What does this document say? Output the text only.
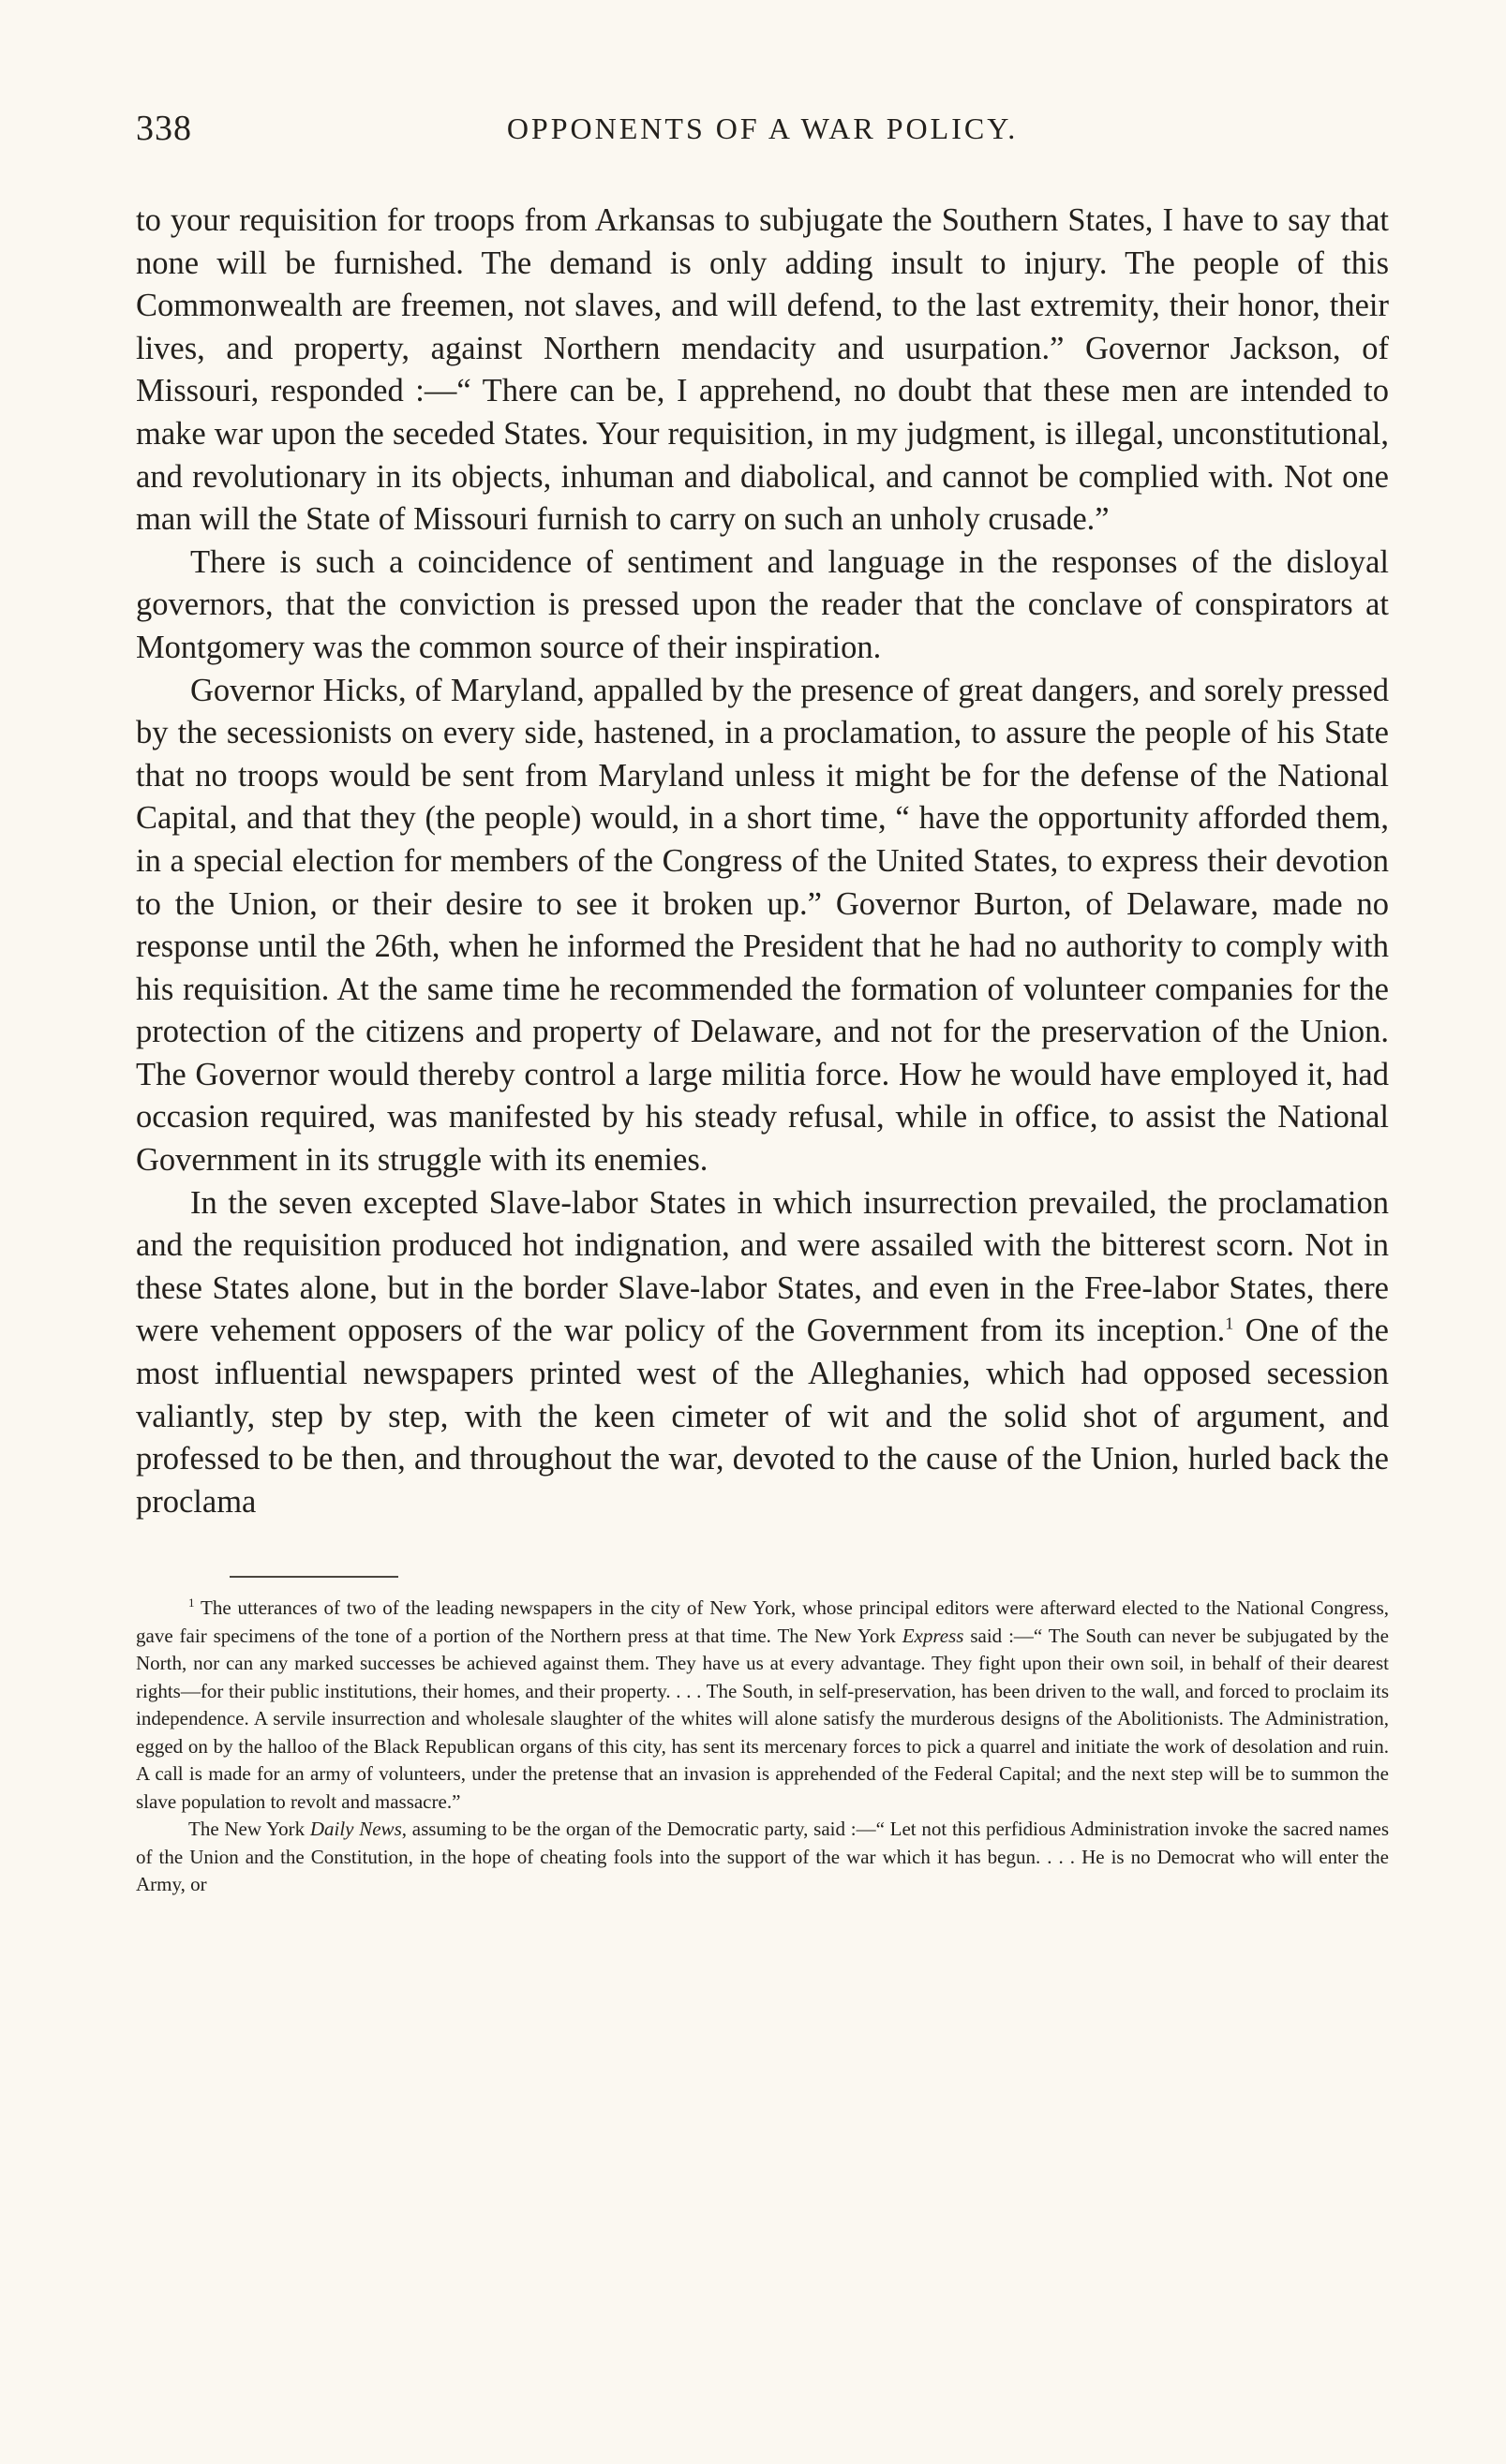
338	OPPONENTS OF A WAR POLICY.

to your requisition for troops from Arkansas to subjugate the Southern States, I have to say that none will be furnished. The demand is only adding insult to injury. The people of this Commonwealth are freemen, not slaves, and will defend, to the last extremity, their honor, their lives, and property, against Northern mendacity and usurpation.” Governor Jackson, of Missouri, responded :—“ There can be, I apprehend, no doubt that these men are intended to make war upon the seceded States. Your requisition, in my judgment, is illegal, unconstitutional, and revolutionary in its objects, inhuman and diabolical, and cannot be complied with. Not one man will the State of Missouri furnish to carry on such an unholy crusade.”

There is such a coincidence of sentiment and language in the responses of the disloyal governors, that the conviction is pressed upon the reader that the conclave of conspirators at Montgomery was the common source of their inspiration.

Governor Hicks, of Maryland, appalled by the presence of great dangers, and sorely pressed by the secessionists on every side, hastened, in a proclamation, to assure the people of his State that no troops would be sent from Maryland unless it might be for the defense of the National Capital, and that they (the people) would, in a short time, “ have the opportunity afforded them, in a special election for members of the Congress of the United States, to express their devotion to the Union, or their desire to see it broken up.” Governor Burton, of Delaware, made no response until the 26th, when he informed the President that he had no authority to comply with his requisition. At the same time he recommended the formation of volunteer companies for the protection of the citizens and property of Delaware, and not for the preservation of the Union. The Governor would thereby control a large militia force. How he would have employed it, had occasion required, was manifested by his steady refusal, while in office, to assist the National Government in its struggle with its enemies.

In the seven excepted Slave-labor States in which insurrection prevailed, the proclamation and the requisition produced hot indignation, and were assailed with the bitterest scorn. Not in these States alone, but in the border Slave-labor States, and even in the Free-labor States, there were vehement opposers of the war policy of the Government from its inception.$^1$ One of the most influential newspapers printed west of the Alleghanies, which had opposed secession valiantly, step by step, with the keen cimeter of wit and the solid shot of argument, and professed to be then, and throughout the war, devoted to the cause of the Union, hurled back the proclama

$^1$ The utterances of two of the leading newspapers in the city of New York, whose principal editors were afterward elected to the National Congress, gave fair specimens of the tone of a portion of the Northern press at that time. The New York Express said :—“ The South can never be subjugated by the North, nor can any marked successes be achieved against them. They have us at every advantage. They fight upon their own soil, in behalf of their dearest rights—for their public institutions, their homes, and their property. . . . The South, in self-preservation, has been driven to the wall, and forced to proclaim its independence. A servile insurrection and wholesale slaughter of the whites will alone satisfy the murderous designs of the Abolitionists. The Administration, egged on by the halloo of the Black Republican organs of this city, has sent its mercenary forces to pick a quarrel and initiate the work of desolation and ruin. A call is made for an army of volunteers, under the pretense that an invasion is apprehended of the Federal Capital; and the next step will be to summon the slave population to revolt and massacre.”

The New York Daily News, assuming to be the organ of the Democratic party, said :—“ Let not this perfidious Administration invoke the sacred names of the Union and the Constitution, in the hope of cheating fools into the support of the war which it has begun. . . . He is no Democrat who will enter the Army, or
